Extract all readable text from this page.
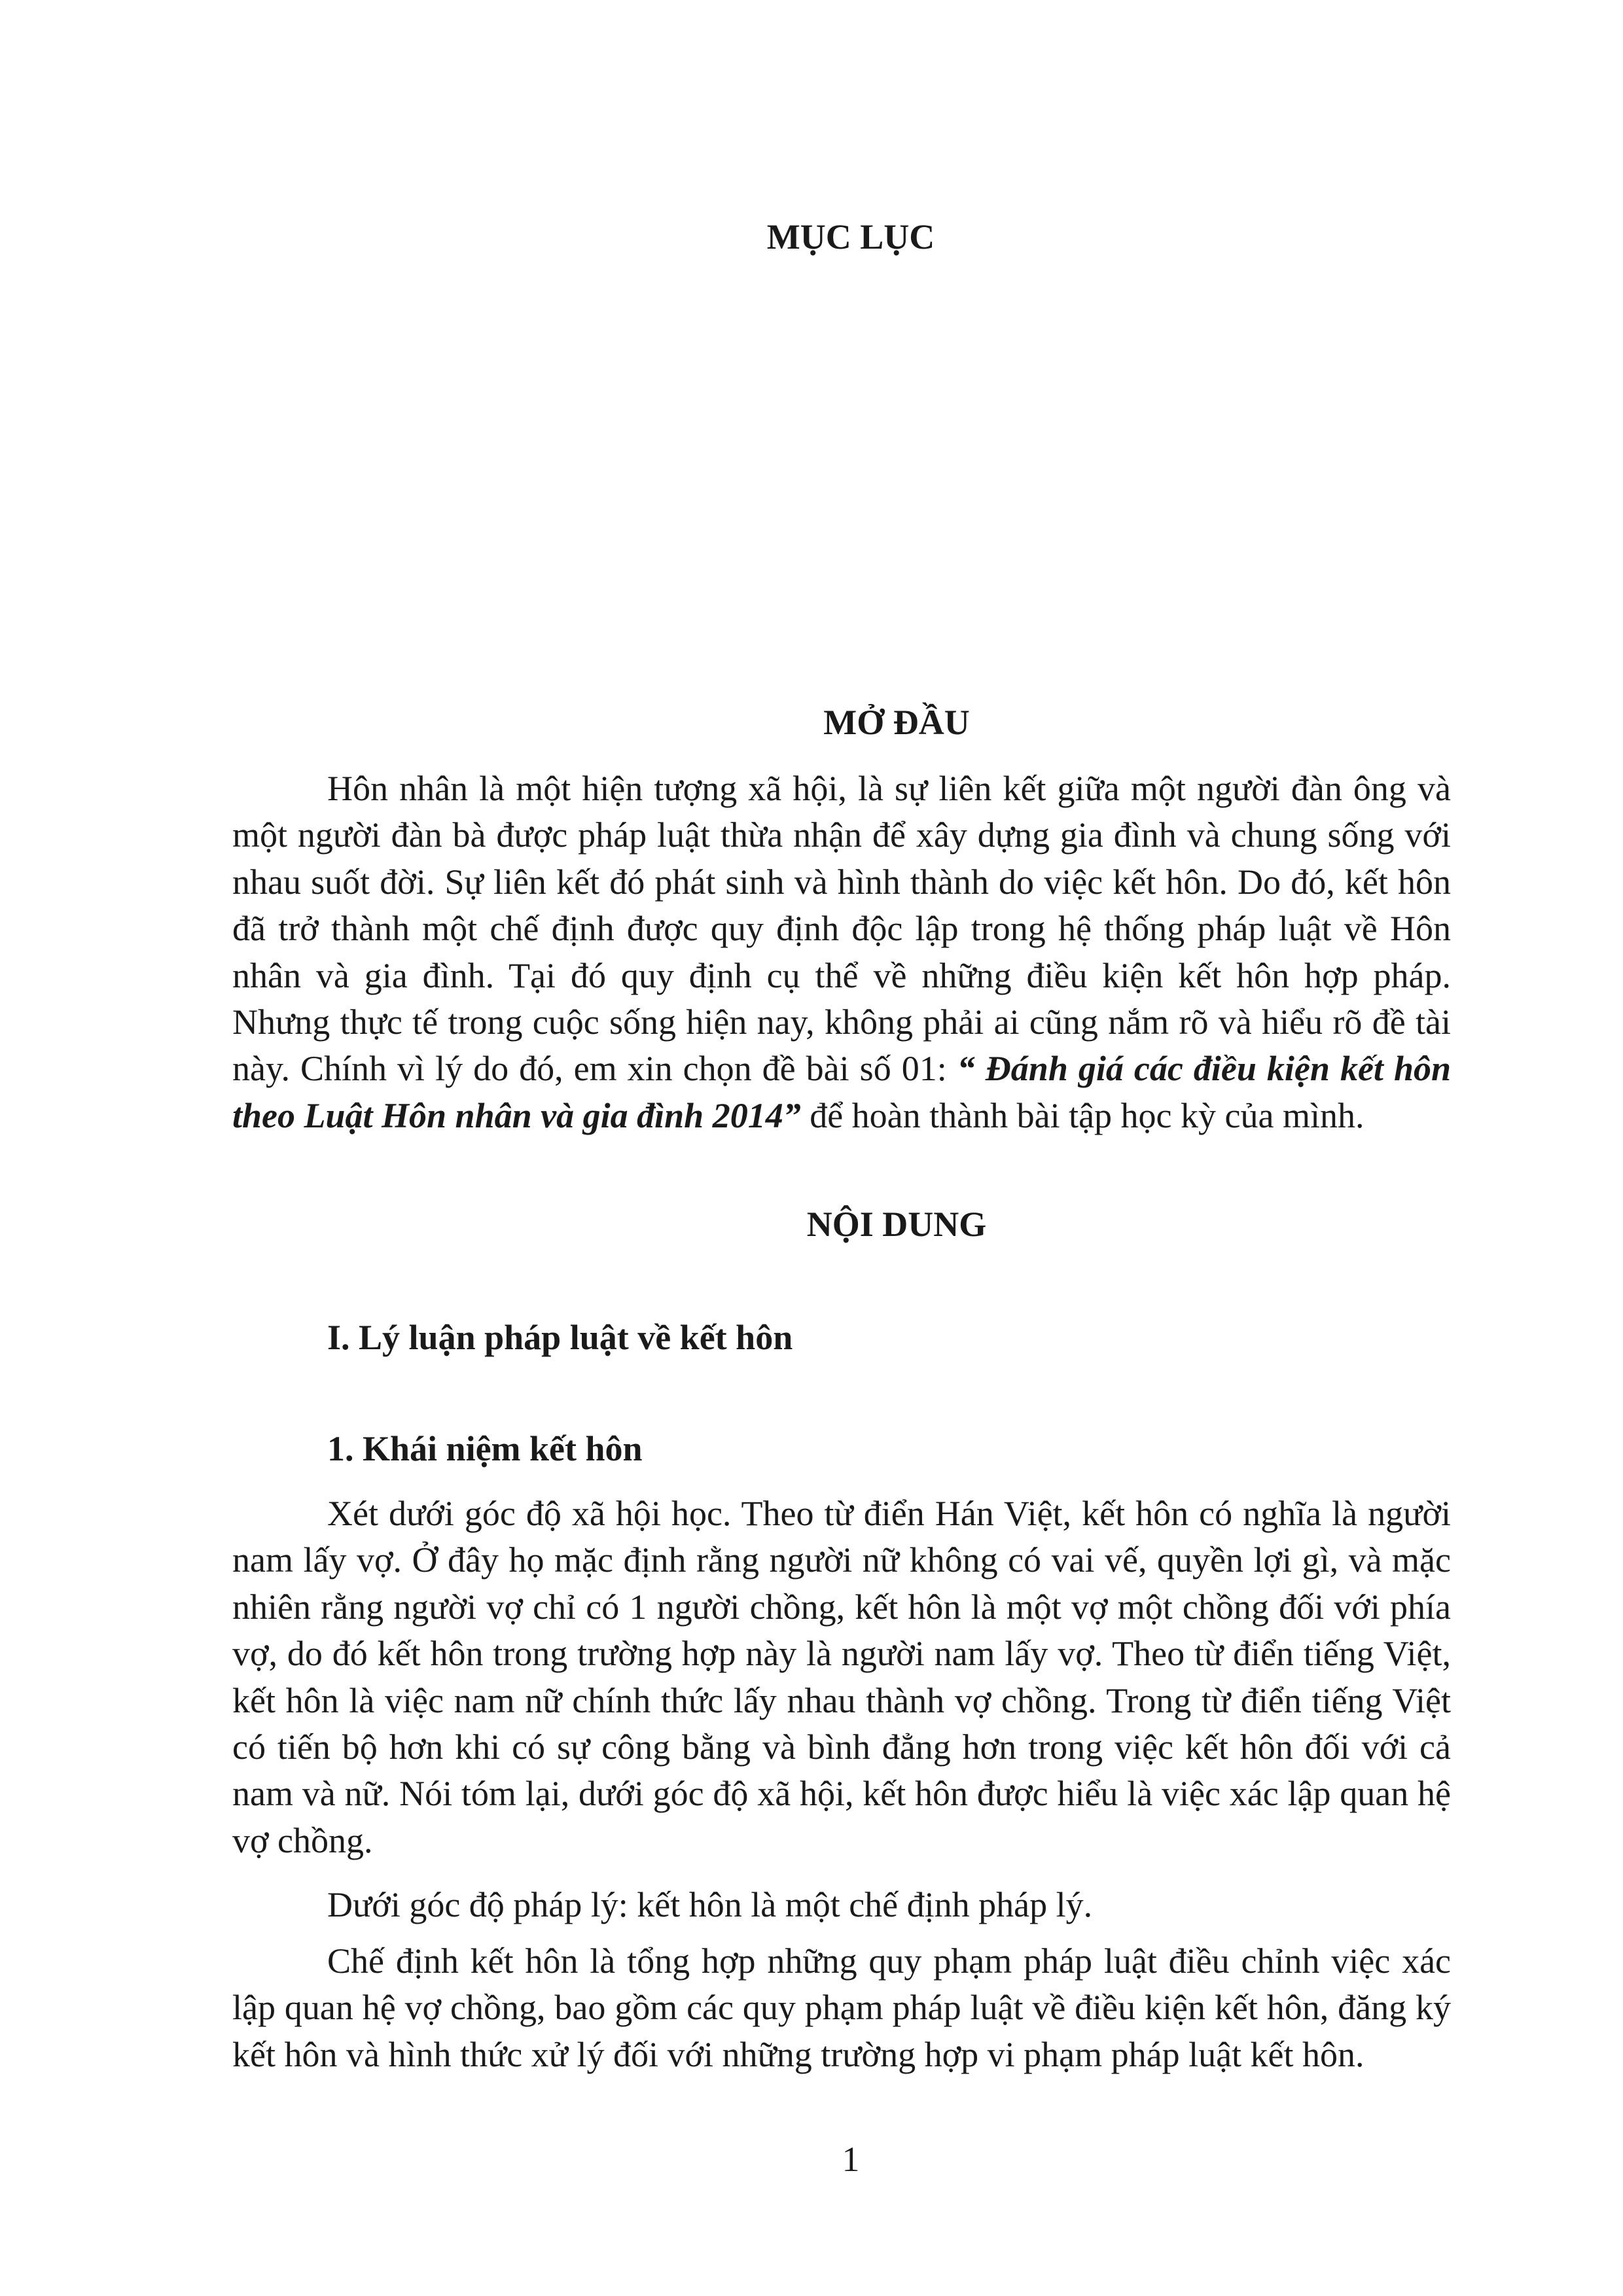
MỤC LỤC
MỞ ĐẦU

Hôn nhân là một hiện tượng xã hội, là sự liên kết giữa một người đàn ông và một người đàn bà được pháp luật thừa nhận để xây dựng gia đình và chung sống với nhau suốt đời. Sự liên kết đó phát sinh và hình thành do việc kết hôn. Do đó, kết hôn đã trở thành một chế định được quy định độc lập trong hệ thống pháp luật về Hôn nhân và gia đình. Tại đó quy định cụ thể về những điều kiện kết hôn hợp pháp. Nhưng thực tế trong cuộc sống hiện nay, không phải ai cũng nắm rõ và hiểu rõ đề tài này. Chính vì lý do đó, em xin chọn đề bài số 01: “ Đánh giá các điều kiện kết hôn theo Luật Hôn nhân và gia đình 2014” để hoàn thành bài tập học kỳ của mình.

NỘI DUNG
I. Lý luận pháp luật về kết hôn
1. Khái niệm kết hôn

Xét dưới góc độ xã hội học. Theo từ điển Hán Việt, kết hôn có nghĩa là người nam lấy vợ. Ở đây họ mặc định rằng người nữ không có vai vế, quyền lợi gì, và mặc nhiên rằng người vợ chỉ có 1 người chồng, kết hôn là một vợ một chồng đối với phía vợ, do đó kết hôn trong trường hợp này là người nam lấy vợ. Theo từ điển tiếng Việt, kết hôn là việc nam nữ chính thức lấy nhau thành vợ chồng. Trong từ điển tiếng Việt có tiến bộ hơn khi có sự công bằng và bình đẳng hơn trong việc kết hôn đối với cả nam và nữ. Nói tóm lại, dưới góc độ xã hội, kết hôn được hiểu là việc xác lập quan hệ vợ chồng.

Dưới góc độ pháp lý: kết hôn là một chế định pháp lý.

Chế định kết hôn là tổng hợp những quy phạm pháp luật điều chỉnh việc xác lập quan hệ vợ chồng, bao gồm các quy phạm pháp luật về điều kiện kết hôn, đăng ký kết hôn và hình thức xử lý đối với những trường hợp vi phạm pháp luật kết hôn.

1
